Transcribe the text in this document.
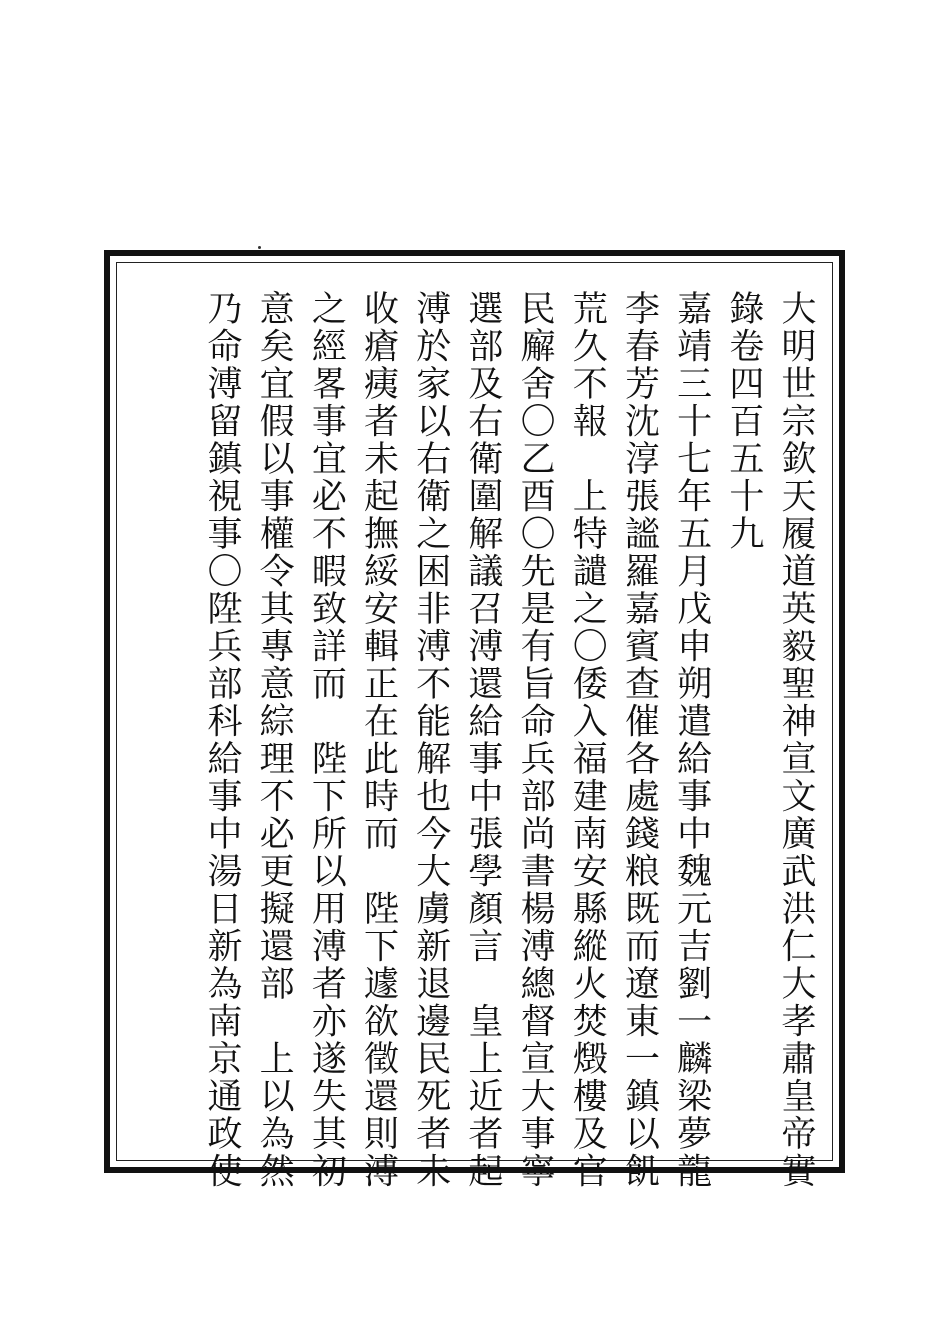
大明世宗欽天履道英毅聖神宣文廣武洪仁大孝肅皇帝實
錄卷四百五十九
嘉靖三十七年五月戊申朔遣給事中魏元吉劉一麟梁夢龍
李春芳沈淳張謐羅嘉賓查催各處錢粮既而遼東一鎮以飢
荒久不報　上特譴之〇倭入福建南安縣縱火焚燬樓及官
民廨舍〇乙酉〇先是有旨命兵部尚書楊溥總督宣大事寧
選部及右衛圍解議召溥還給事中張學顏言　皇上近者起
溥於家以右衛之困非溥不能解也今大虜新退邊民死者未
收瘡痍者未起撫綏安輯正在此時而　陛下遽欲徵還則溥
之經畧事宜必不暇致詳而　陛下所以用溥者亦遂失其初
意矣宜假以事權令其專意綜理不必更擬還部　上以為然
乃命溥留鎮視事〇陞兵部科給事中湯日新為南京通政使
